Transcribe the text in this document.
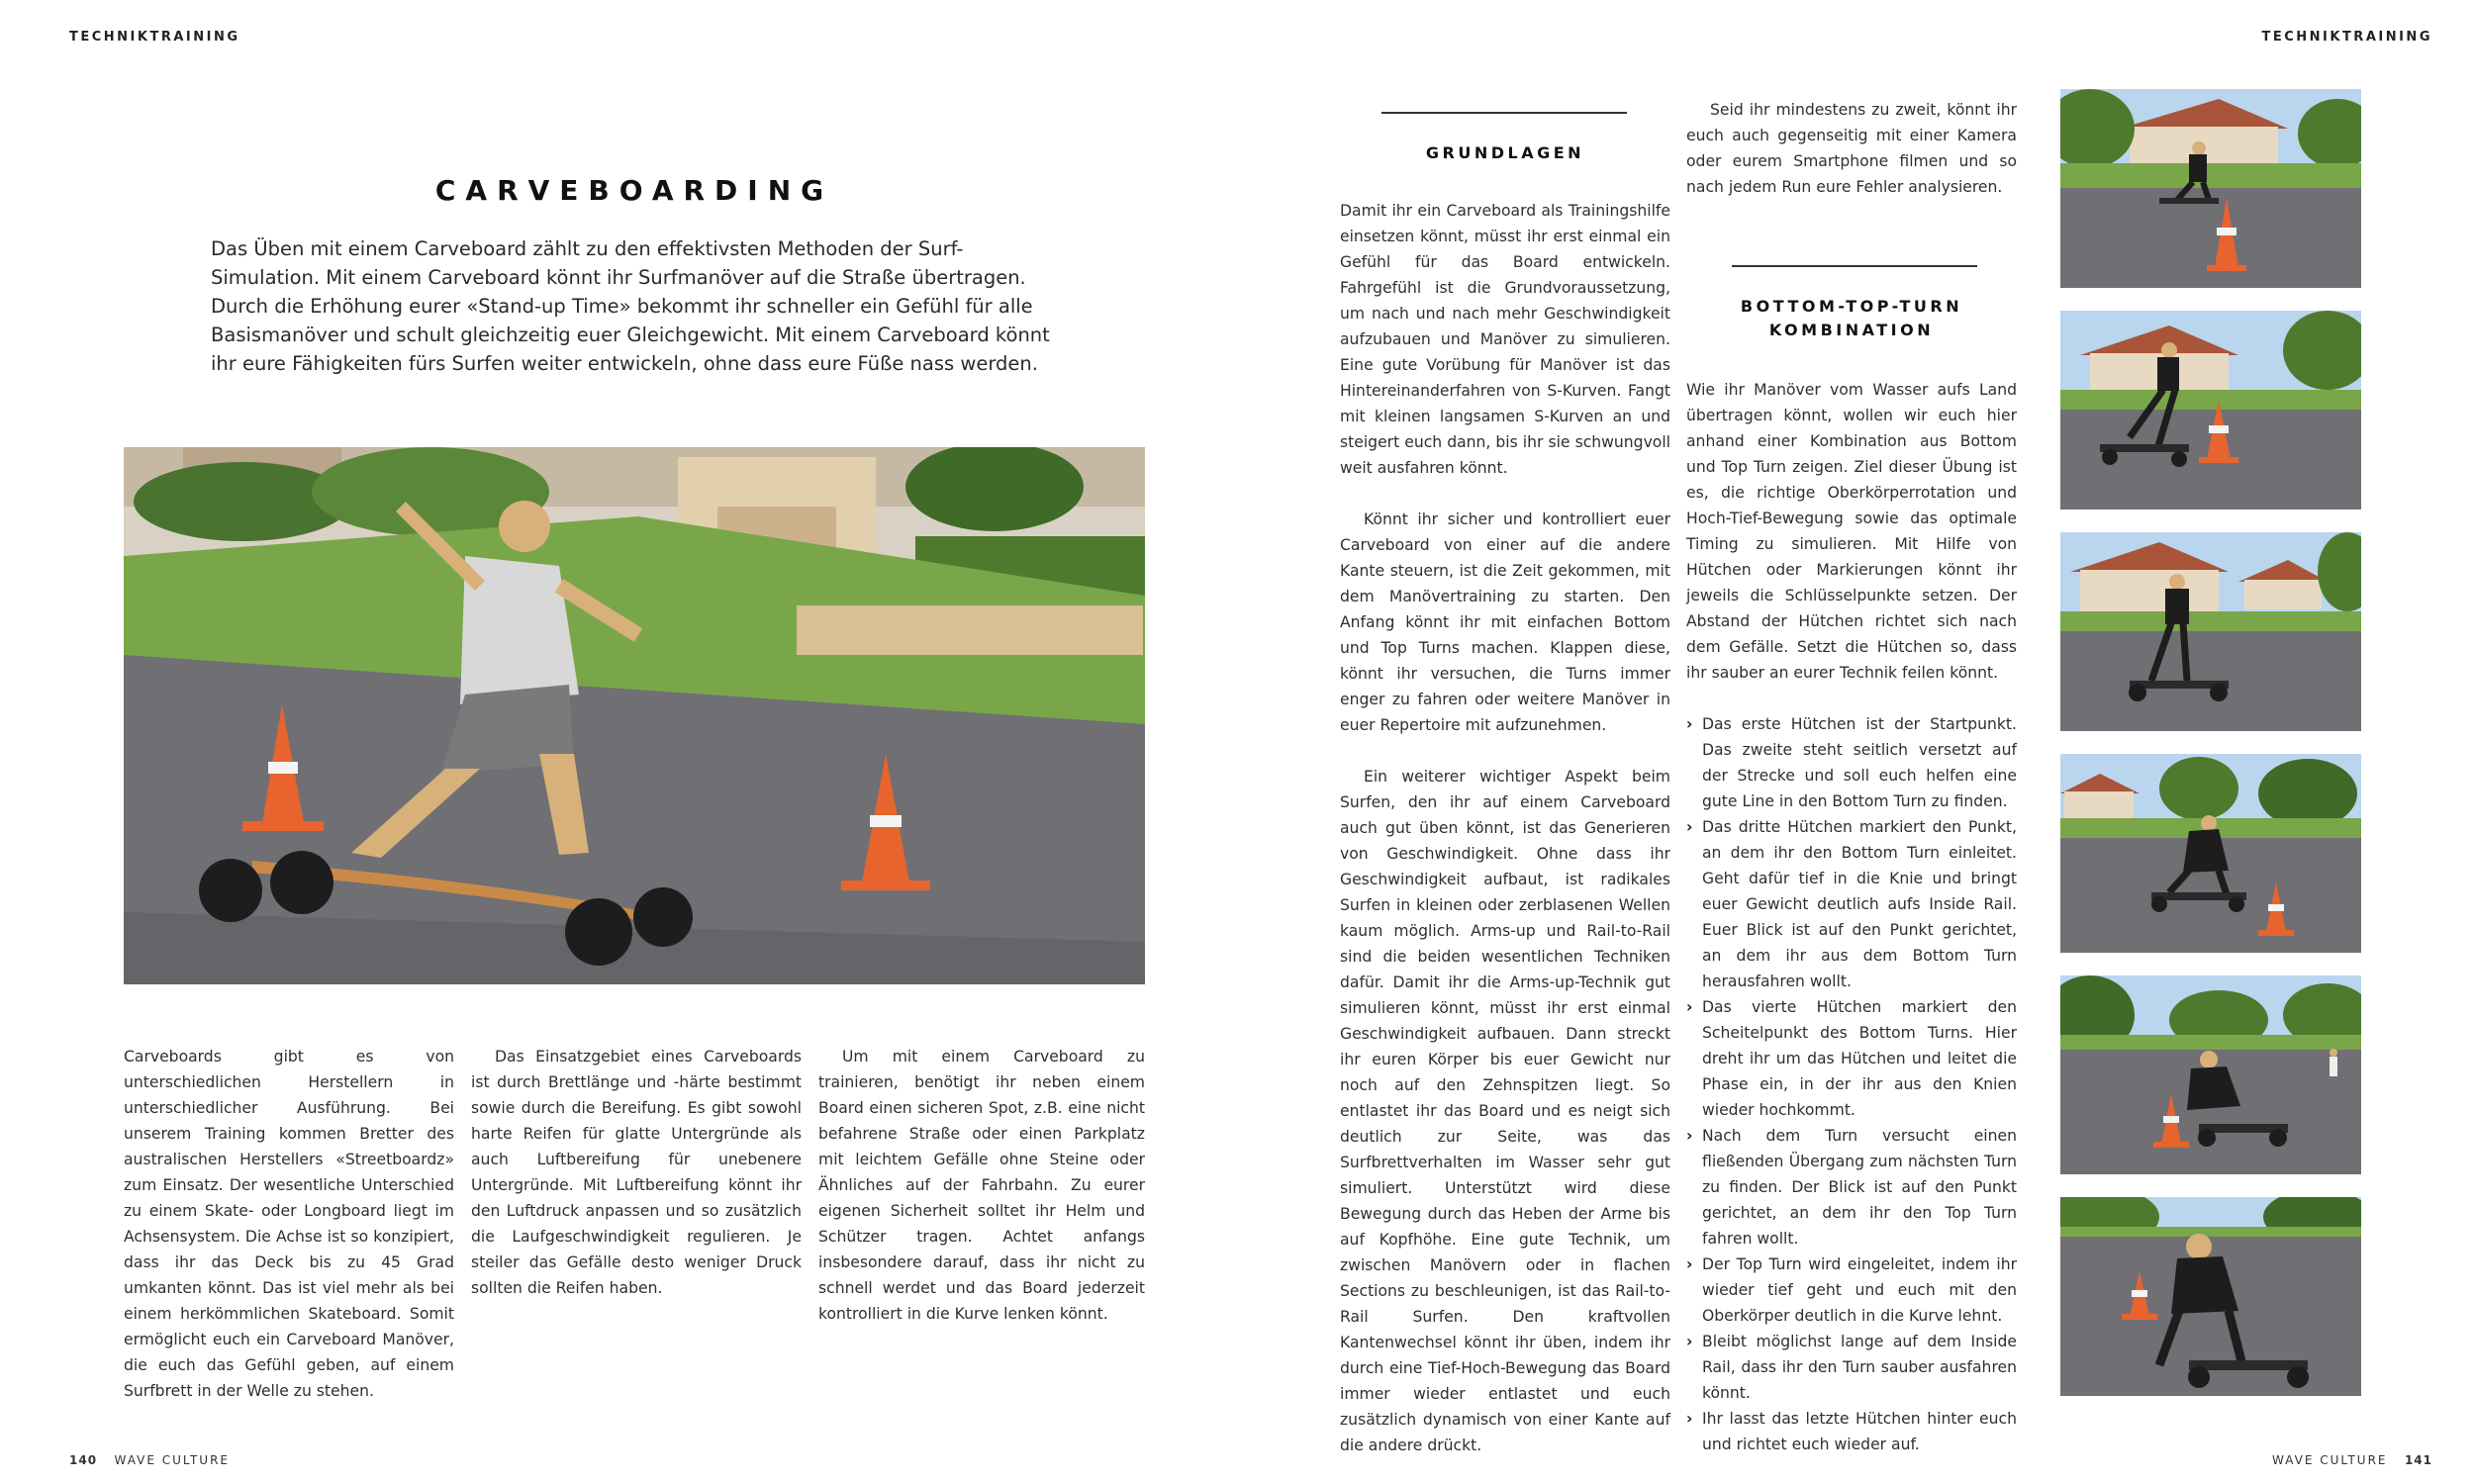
TECHNIKTRAINING	TECHNIKTRAINING
CARVEBOARDING

Das Üben mit einem Carveboard zählt zu den effektivsten Methoden der Surf-Simulation. Mit einem Carveboard könnt ihr Surfmanöver auf die Straße übertragen. Durch die Erhöhung eurer «Stand-up Time» bekommt ihr schneller ein Gefühl für alle Basismanöver und schult gleichzeitig euer Gleichgewicht. Mit einem Carveboard könnt ihr eure Fähigkeiten fürs Surfen weiter entwickeln, ohne dass eure Füße nass werden.

Carveboards gibt es von unterschiedlichen Herstellern in unterschiedlicher Ausführung. Bei unserem Training kommen Bretter des australischen Herstellers «Streetboardz» zum Einsatz. Der wesentliche Unterschied zu einem Skate- oder Longboard liegt im Achsensystem. Die Achse ist so konzipiert, dass ihr das Deck bis zu 45 Grad umkanten könnt. Das ist viel mehr als bei einem herkömmlichen Skateboard. Somit ermöglicht euch ein Carveboard Manöver, die euch das Gefühl geben, auf einem Surfbrett in der Welle zu stehen.

Das Einsatzgebiet eines Carveboards ist durch Brettlänge und -härte bestimmt sowie durch die Bereifung. Es gibt sowohl harte Reifen für glatte Untergründe als auch Luftbereifung für unebenere Untergründe. Mit Luftbereifung könnt ihr den Luftdruck anpassen und so zusätzlich die Laufgeschwindigkeit regulieren. Je steiler das Gefälle desto weniger Druck sollten die Reifen haben.

Um mit einem Carveboard zu trainieren, benötigt ihr neben einem Board einen sicheren Spot, z.B. eine nicht befahrene Straße oder einen Parkplatz mit leichtem Gefälle ohne Steine oder Ähnliches auf der Fahrbahn. Zu eurer eigenen Sicherheit solltet ihr Helm und Schützer tragen. Achtet anfangs insbesondere darauf, dass ihr nicht zu schnell werdet und das Board jederzeit kontrolliert in die Kurve lenken könnt.

GRUNDLAGEN

Damit ihr ein Carveboard als Trainingshilfe einsetzen könnt, müsst ihr erst einmal ein Gefühl für das Board entwickeln. Fahrgefühl ist die Grundvoraussetzung, um nach und nach mehr Geschwindigkeit aufzubauen und Manöver zu simulieren. Eine gute Vorübung für Manöver ist das Hintereinanderfahren von S-Kurven. Fangt mit kleinen langsamen S-Kurven an und steigert euch dann, bis ihr sie schwungvoll weit ausfahren könnt.

Könnt ihr sicher und kontrolliert euer Carveboard von einer auf die andere Kante steuern, ist die Zeit gekommen, mit dem Manövertraining zu starten. Den Anfang könnt ihr mit einfachen Bottom und Top Turns machen. Klappen diese, könnt ihr versuchen, die Turns immer enger zu fahren oder weitere Manöver in euer Repertoire mit aufzunehmen.

Ein weiterer wichtiger Aspekt beim Surfen, den ihr auf einem Carveboard auch gut üben könnt, ist das Generieren von Geschwindigkeit. Ohne dass ihr Geschwindigkeit aufbaut, ist radikales Surfen in kleinen oder zerblasenen Wellen kaum möglich. Arms-up und Rail-to-Rail sind die beiden wesentlichen Techniken dafür. Damit ihr die Arms-up-Technik gut simulieren könnt, müsst ihr erst einmal Geschwindigkeit aufbauen. Dann streckt ihr euren Körper bis euer Gewicht nur noch auf den Zehnspitzen liegt. So entlastet ihr das Board und es neigt sich deutlich zur Seite, was das Surfbrettverhalten im Wasser sehr gut simuliert. Unterstützt wird diese Bewegung durch das Heben der Arme bis auf Kopfhöhe. Eine gute Technik, um zwischen Manövern oder in flachen Sections zu beschleunigen, ist das Rail-to-Rail Surfen. Den kraftvollen Kantenwechsel könnt ihr üben, indem ihr durch eine Tief-Hoch-Bewegung das Board immer wieder entlastet und euch zusätzlich dynamisch von einer Kante auf die andere drückt.

Seid ihr mindestens zu zweit, könnt ihr euch auch gegenseitig mit einer Kamera oder eurem Smartphone filmen und so nach jedem Run eure Fehler analysieren.

BOTTOM-TOP-TURN
KOMBINATION

Wie ihr Manöver vom Wasser aufs Land übertragen könnt, wollen wir euch hier anhand einer Kombination aus Bottom und Top Turn zeigen. Ziel dieser Übung ist es, die richtige Oberkörperrotation und Hoch-Tief-Bewegung sowie das optimale Timing zu simulieren. Mit Hilfe von Hütchen oder Markierungen könnt ihr jeweils die Schlüsselpunkte setzen. Der Abstand der Hütchen richtet sich nach dem Gefälle. Setzt die Hütchen so, dass ihr sauber an eurer Technik feilen könnt.

› Das erste Hütchen ist der Startpunkt. Das zweite steht seitlich versetzt auf der Strecke und soll euch helfen eine gute Line in den Bottom Turn zu finden.
› Das dritte Hütchen markiert den Punkt, an dem ihr den Bottom Turn einleitet. Geht dafür tief in die Knie und bringt euer Gewicht deutlich aufs Inside Rail. Euer Blick ist auf den Punkt gerichtet, an dem ihr aus dem Bottom Turn herausfahren wollt.
› Das vierte Hütchen markiert den Scheitelpunkt des Bottom Turns. Hier dreht ihr um das Hütchen und leitet die Phase ein, in der ihr aus den Knien wieder hochkommt.
› Nach dem Turn versucht einen fließenden Übergang zum nächsten Turn zu finden. Der Blick ist auf den Punkt gerichtet, an dem ihr den Top Turn fahren wollt.
› Der Top Turn wird eingeleitet, indem ihr wieder tief geht und euch mit den Oberkörper deutlich in die Kurve lehnt.
› Bleibt möglichst lange auf dem Inside Rail, dass ihr den Turn sauber ausfahren könnt.
› Ihr lasst das letzte Hütchen hinter euch und richtet euch wieder auf.
140 WAVE CULTURE	WAVE CULTURE 141
